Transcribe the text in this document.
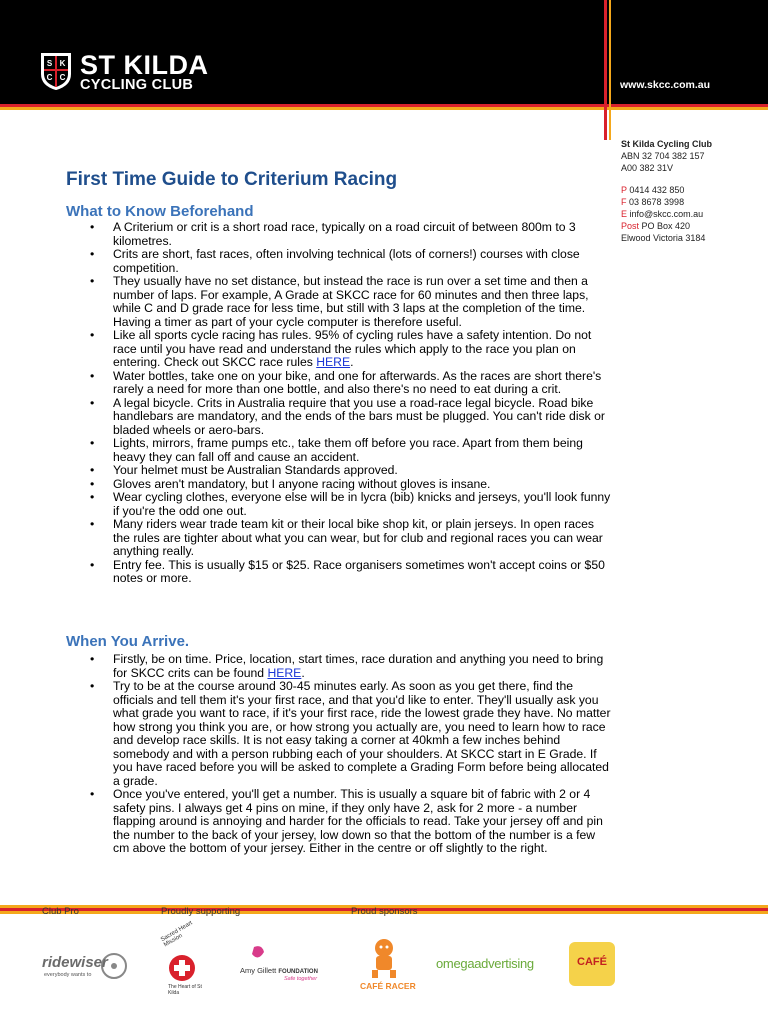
S K
C C ST KILDA
CYCLING CLUB	www.skcc.com.au
St Kilda Cycling Club
ABN 32 704 382 157
A00 382 31V
P 0414 432 850
F 03 8678 3998
E info@skcc.com.au
Post PO Box 420
Elwood Victoria 3184
First Time Guide to Criterium Racing
What to Know Beforehand
• A Criterium or crit is a short road race, typically on a road circuit of between 800m to 3 kilometres.
• Crits are short, fast races, often involving technical (lots of corners!) courses with close competition.
• They usually have no set distance, but instead the race is run over a set time and then a number of laps. For example, A Grade at SKCC race for 60 minutes and then three laps, while C and D grade race for less time, but still with 3 laps at the completion of the time. Having a timer as part of your cycle computer is therefore useful.
• Like all sports cycle racing has rules. 95% of cycling rules have a safety intention. Do not race until you have read and understand the rules which apply to the race you plan on entering. Check out SKCC race rules HERE.
• Water bottles, take one on your bike, and one for afterwards. As the races are short there's rarely a need for more than one bottle, and also there's no need to eat during a crit.
• A legal bicycle. Crits in Australia require that you use a road-race legal bicycle. Road bike handlebars are mandatory, and the ends of the bars must be plugged. You can't ride disk or bladed wheels or aero-bars.
• Lights, mirrors, frame pumps etc., take them off before you race. Apart from them being heavy they can fall off and cause an accident.
• Your helmet must be Australian Standards approved.
• Gloves aren't mandatory, but I anyone racing without gloves is insane.
• Wear cycling clothes, everyone else will be in lycra (bib) knicks and jerseys, you'll look funny if you're the odd one out.
• Many riders wear trade team kit or their local bike shop kit, or plain jerseys. In open races the rules are tighter about what you can wear, but for club and regional races you can wear anything really.
• Entry fee. This is usually $15 or $25. Race organisers sometimes won't accept coins or $50 notes or more.
When You Arrive.
• Firstly, be on time. Price, location, start times, race duration and anything you need to bring for SKCC crits can be found HERE.
• Try to be at the course around 30-45 minutes early. As soon as you get there, find the officials and tell them it's your first race, and that you'd like to enter. They'll usually ask you what grade you want to race, if it's your first race, ride the lowest grade they have. No matter how strong you think you are, or how strong you actually are, you need to learn how to race and develop race skills. It is not easy taking a corner at 40kmh a few inches behind somebody and with a person rubbing each of your shoulders. At SKCC start in E Grade. If you have raced before you will be asked to complete a Grading Form before being allocated a grade.
• Once you've entered, you'll get a number. This is usually a square bit of fabric with 2 or 4 safety pins. I always get 4 pins on mine, if they only have 2, ask for 2 more - a number flapping around is annoying and harder for the officials to read. Take your jersey off and pin the number to the back of your jersey, low down so that the bottom of the number is a few cm above the bottom of your jersey. Either in the centre or off slightly to the right.
Club Pro	Proudly supporting	Proud sponsors
ridewiser
everybody wants to
Sacred Heart Mission
The Heart of St Kilda
Amy Gillett FOUNDATION
Safe together
CAFÉ RACER
omegaadvertising	CAFÉ
